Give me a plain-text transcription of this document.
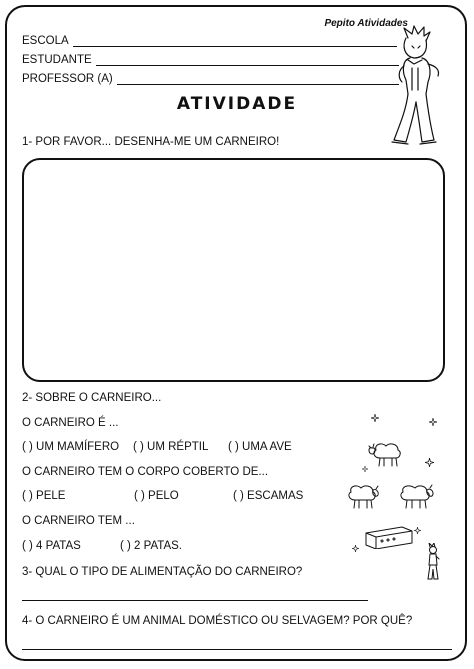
Pepito Atividades
ESCOLA
ESTUDANTE
PROFESSOR (A)
ATIVIDADE
1- POR FAVOR... DESENHA-ME UM CARNEIRO!
2- SOBRE O CARNEIRO...
O CARNEIRO É ...
( ) UM MAMÍFERO ( ) UM RÉPTIL ( ) UMA AVE
O CARNEIRO TEM O CORPO COBERTO DE...
( ) PELE	( ) PELO	( ) ESCAMAS
O CARNEIRO TEM ...
( ) 4 PATAS	( ) 2 PATAS.
3- QUAL O TIPO DE ALIMENTAÇÃO DO CARNEIRO?
4- O CARNEIRO É UM ANIMAL DOMÉSTICO OU SELVAGEM? POR QUÊ?
